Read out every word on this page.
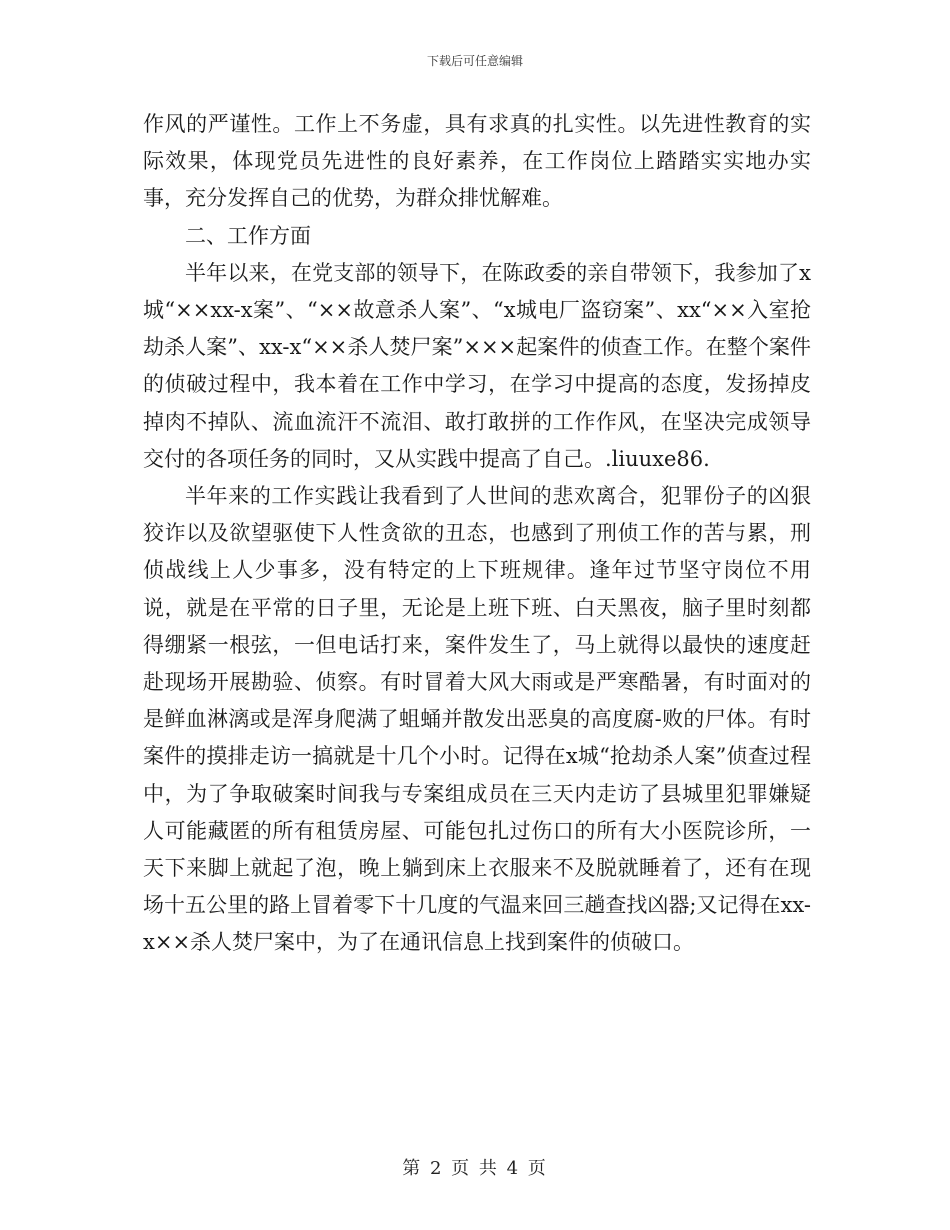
下载后可任意编辑

作风的严谨性。工作上不务虚，具有求真的扎实性。以先进性教育的实际效果，体现党员先进性的良好素养，在工作岗位上踏踏实实地办实事，充分发挥自己的优势，为群众排忧解难。

二、工作方面

半年以来，在党支部的领导下，在陈政委的亲自带领下，我参加了x城“××xx-x案”、“××故意杀人案”、“x城电厂盗窃案”、xx“××入室抢劫杀人案”、xx-x“××杀人焚尸案”×××起案件的侦查工作。在整个案件的侦破过程中，我本着在工作中学习，在学习中提高的态度，发扬掉皮掉肉不掉队、流血流汗不流泪、敢打敢拼的工作作风，在坚决完成领导交付的各项任务的同时，又从实践中提高了自己。.liuuxe86.

半年来的工作实践让我看到了人世间的悲欢离合，犯罪份子的凶狠狡诈以及欲望驱使下人性贪欲的丑态，也感到了刑侦工作的苦与累，刑侦战线上人少事多，没有特定的上下班规律。逢年过节坚守岗位不用说，就是在平常的日子里，无论是上班下班、白天黑夜，脑子里时刻都得绷紧一根弦，一但电话打来，案件发生了，马上就得以最快的速度赶赴现场开展勘验、侦察。有时冒着大风大雨或是严寒酷暑，有时面对的是鲜血淋漓或是浑身爬满了蛆蛹并散发出恶臭的高度腐-败的尸体。有时案件的摸排走访一搞就是十几个小时。记得在x城“抢劫杀人案”侦查过程中，为了争取破案时间我与专案组成员在三天内走访了县城里犯罪嫌疑人可能藏匿的所有租赁房屋、可能包扎过伤口的所有大小医院诊所，一天下来脚上就起了泡，晚上躺到床上衣服来不及脱就睡着了，还有在现场十五公里的路上冒着零下十几度的气温来回三趟查找凶器;又记得在xx-x××杀人焚尸案中，为了在通讯信息上找到案件的侦破口。

第 2 页 共 4 页
